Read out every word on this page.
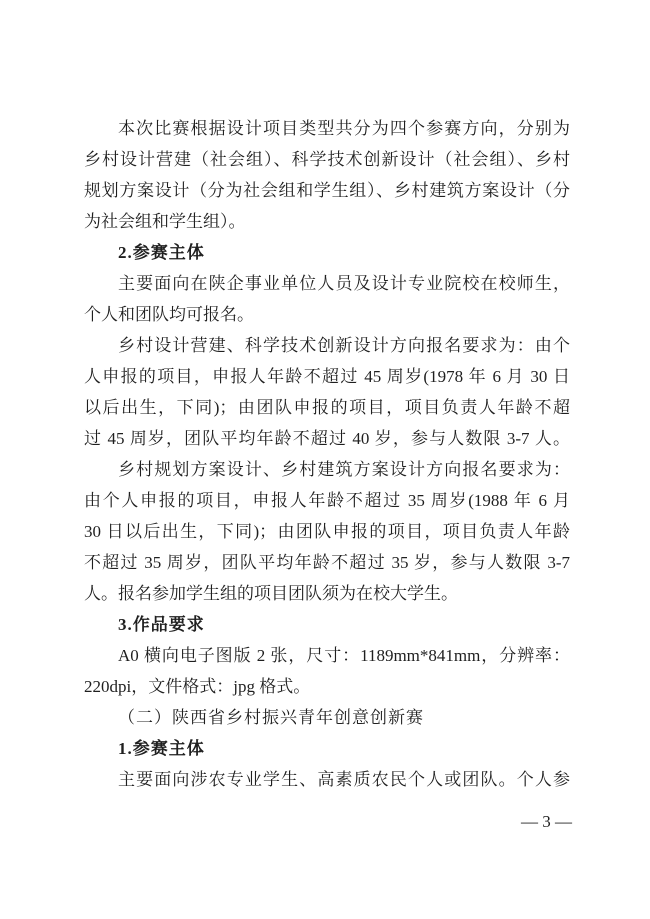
本次比赛根据设计项目类型共分为四个参赛方向，分别为
乡村设计营建（社会组）、科学技术创新设计（社会组）、乡村
规划方案设计（分为社会组和学生组）、乡村建筑方案设计（分
为社会组和学生组）。
2.参赛主体
主要面向在陕企事业单位人员及设计专业院校在校师生，
个人和团队均可报名。
乡村设计营建、科学技术创新设计方向报名要求为：由个
人申报的项目，申报人年龄不超过 45 周岁(1978 年 6 月 30 日
以后出生，下同)；由团队申报的项目，项目负责人年龄不超
过 45 周岁，团队平均年龄不超过 40 岁，参与人数限 3-7 人。
乡村规划方案设计、乡村建筑方案设计方向报名要求为：
由个人申报的项目，申报人年龄不超过 35 周岁(1988 年 6 月
30 日以后出生，下同)；由团队申报的项目，项目负责人年龄
不超过 35 周岁，团队平均年龄不超过 35 岁，参与人数限 3-7
人。报名参加学生组的项目团队须为在校大学生。
3.作品要求
A0 横向电子图版 2 张，尺寸：1189mm*841mm，分辨率：
220dpi，文件格式：jpg 格式。
（二）陕西省乡村振兴青年创意创新赛
1.参赛主体
主要面向涉农专业学生、高素质农民个人或团队。个人参
— 3 —
